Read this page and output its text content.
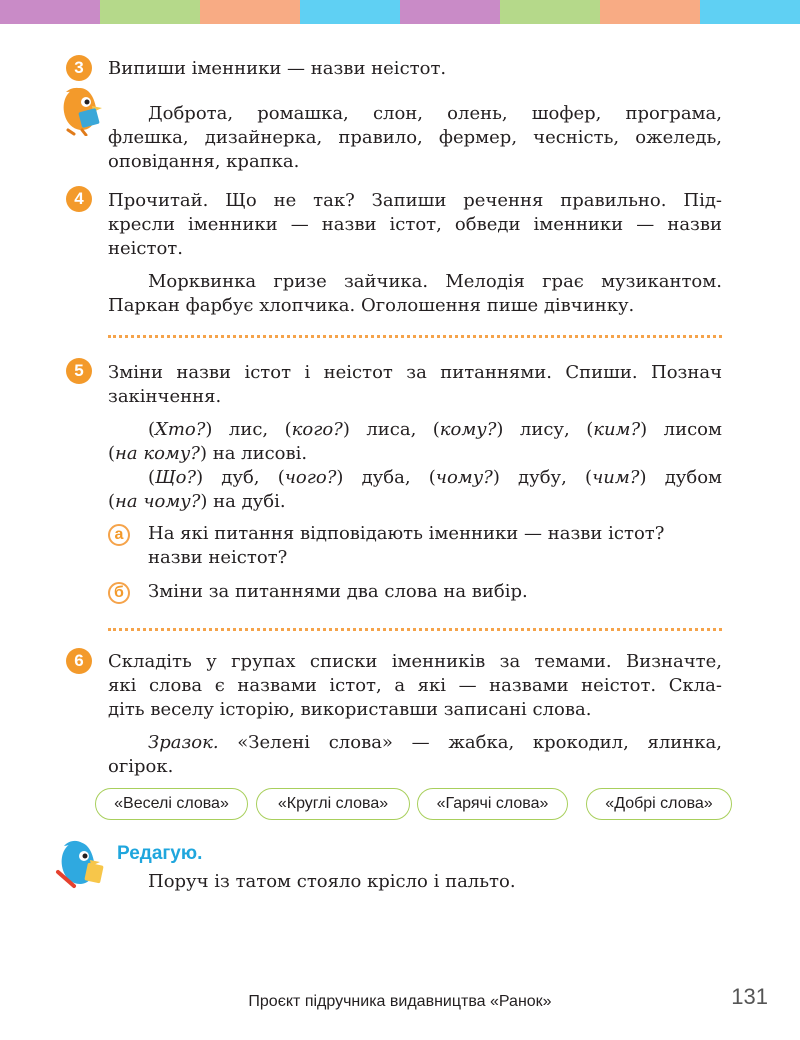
3	Випиши іменники — назви неістот.
Доброта, ромашка, слон, олень, шофер, програма,
флешка, дизайнерка, правило, фермер, чесність, ожеледь,
оповідання, крапка.
4	Прочитай. Що не так? Запиши речення правильно. Під-
кресли іменники — назви істот, обведи іменники — назви
неістот.
Морквинка гризе зайчика. Мелодія грає музикантом.
Паркан фарбує хлопчика. Оголошення пише дівчинку.
5	Зміни назви істот і неістот за питаннями. Спиши. Познач
закінчення.
(Хто?) лис, (кого?) лиса, (кому?) лису, (ким?) лисом
(на кому?) на лисові.
(Що?) дуб, (чого?) дуба, (чому?) дубу, (чим?) дубом
(на чому?) на дубі.
а	На які питання відповідають іменники — назви істот?
назви неістот?
б	Зміни за питаннями два слова на вибір.
6	Складіть у групах списки іменників за темами. Визначте,
які слова є назвами істот, а які — назвами неістот. Скла-
діть веселу історію, використавши записані слова.
Зразок. «Зелені слова» — жабка, крокодил, ялинка,
огірок.
«Веселі слова»	«Круглі слова»	«Гарячі слова»	«Добрі слова»
Редагую.
Поруч із татом стояло крісло і пальто.
Проєкт підручника видавництва «Ранок»	131
